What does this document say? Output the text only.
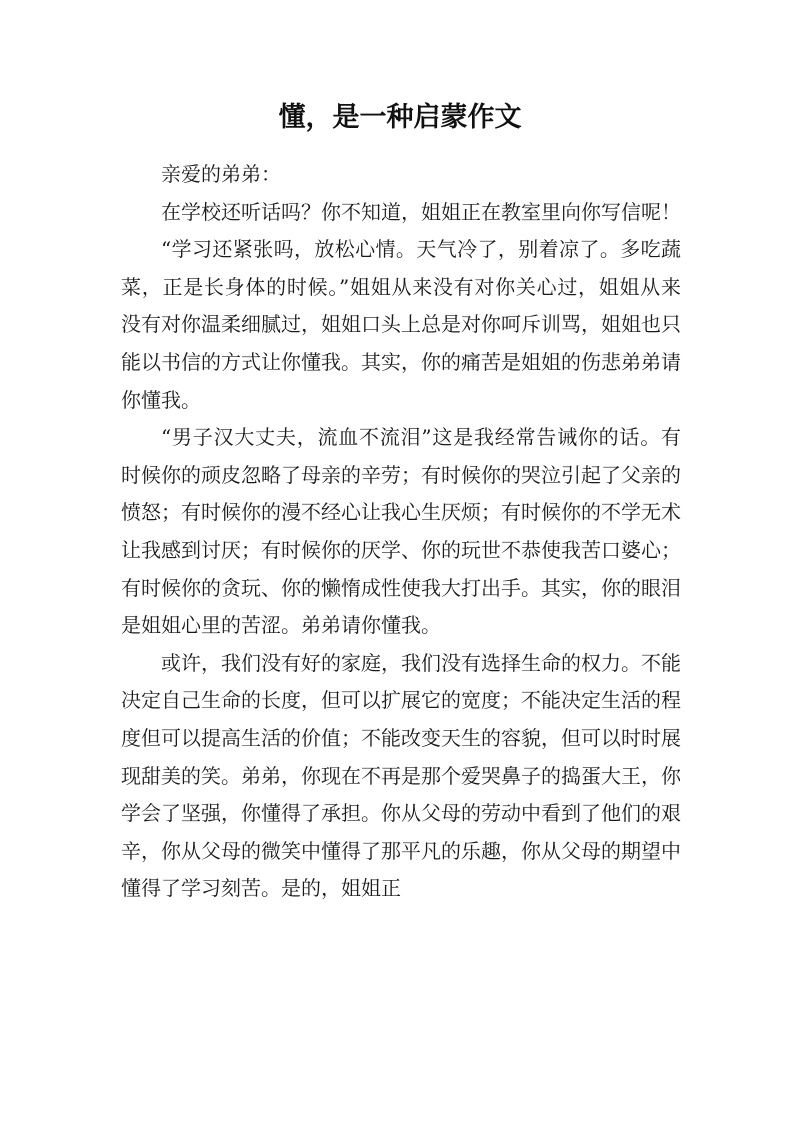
懂，是一种启蒙作文

亲爱的弟弟：

在学校还听话吗？你不知道，姐姐正在教室里向你写信呢！

“学习还紧张吗，放松心情。天气冷了，别着凉了。多吃蔬菜，正是长身体的时候。”姐姐从来没有对你关心过，姐姐从来没有对你温柔细腻过，姐姐口头上总是对你呵斥训骂，姐姐也只能以书信的方式让你懂我。其实，你的痛苦是姐姐的伤悲弟弟请你懂我。

“男子汉大丈夫，流血不流泪”这是我经常告诫你的话。有时候你的顽皮忽略了母亲的辛劳；有时候你的哭泣引起了父亲的愤怒；有时候你的漫不经心让我心生厌烦；有时候你的不学无术让我感到讨厌；有时候你的厌学、你的玩世不恭使我苦口婆心；有时候你的贪玩、你的懒惰成性使我大打出手。其实，你的眼泪是姐姐心里的苦涩。弟弟请你懂我。

或许，我们没有好的家庭，我们没有选择生命的权力。不能决定自己生命的长度，但可以扩展它的宽度；不能决定生活的程度但可以提高生活的价值；不能改变天生的容貌，但可以时时展现甜美的笑。弟弟，你现在不再是那个爱哭鼻子的捣蛋大王，你学会了坚强，你懂得了承担。你从父母的劳动中看到了他们的艰辛，你从父母的微笑中懂得了那平凡的乐趣，你从父母的期望中懂得了学习刻苦。是的，姐姐正
